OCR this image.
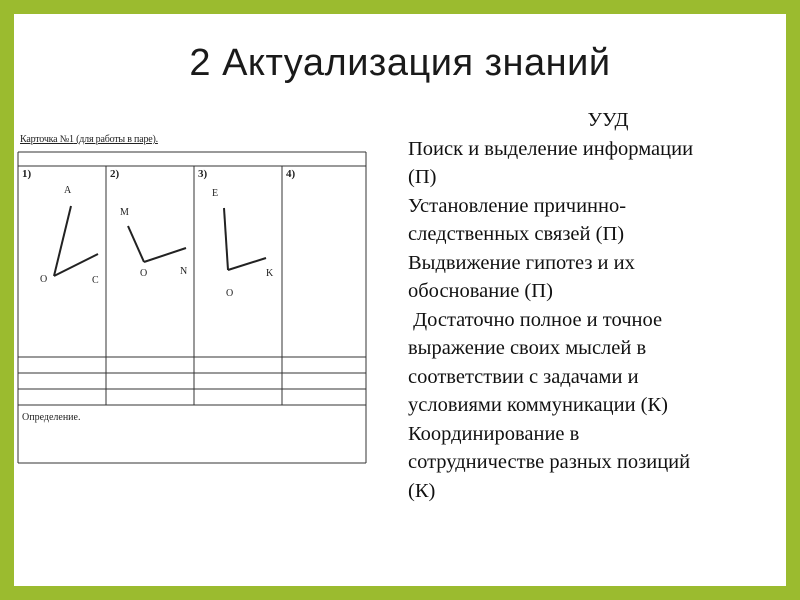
2 Актуализация знаний
A
O	C
M
O	N
E
O
K
Карточка №1 (для работы в паре).
1)	2)	3)	4)
Определение.
УУД
Поиск и выделение информации
(П)
Установление причинно-
следственных связей (П)
Выдвижение гипотез и их
обоснование (П)
Достаточно полное и точное
выражение своих мыслей в
соответствии с задачами и
условиями коммуникации (К)
Координирование в
сотрудничестве разных позиций
(К)
